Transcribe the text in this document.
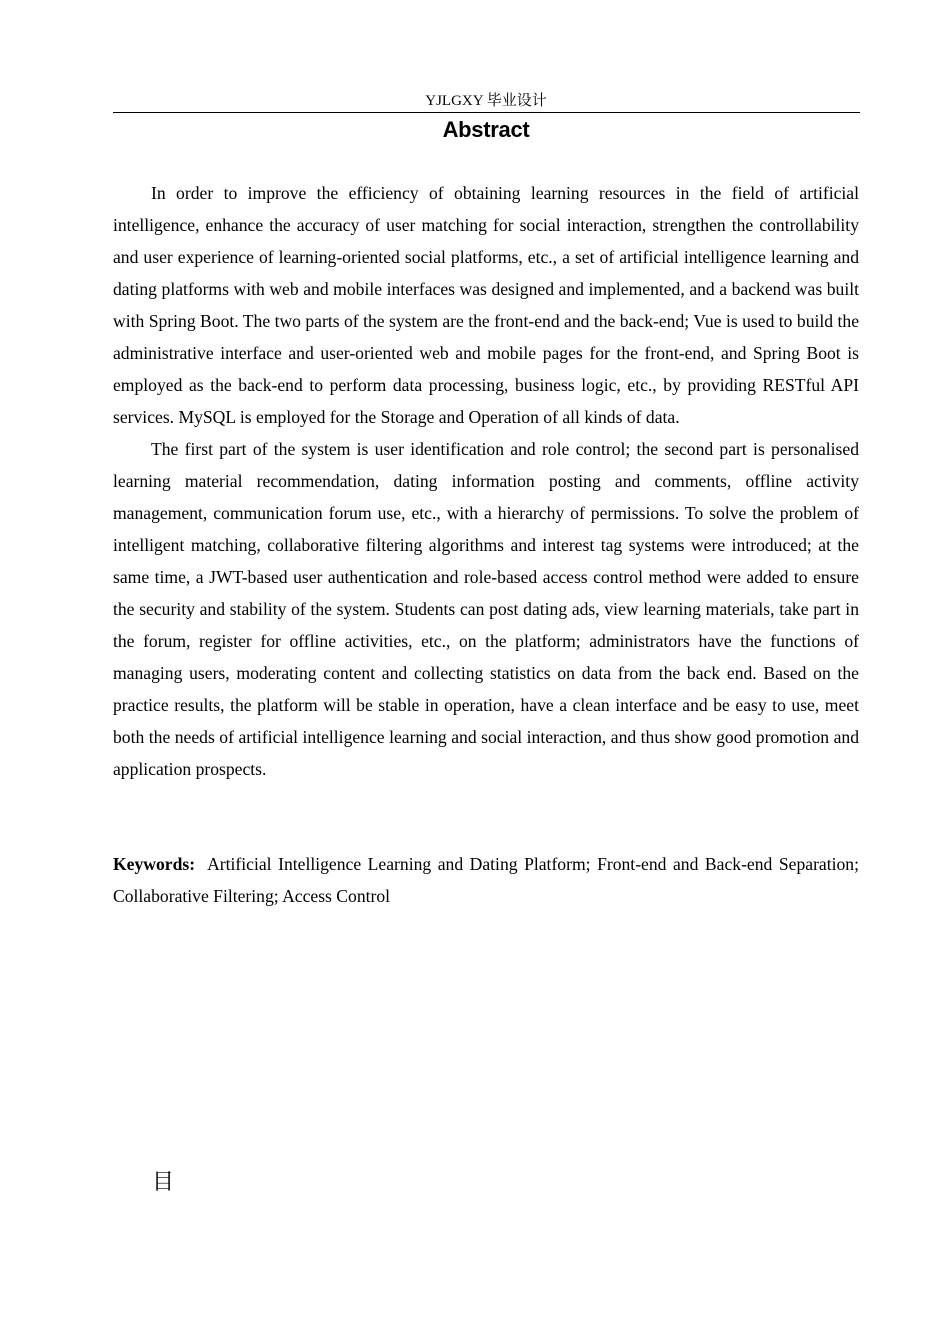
YJLGXY 毕业设计
Abstract

In order to improve the efficiency of obtaining learning resources in the field of artificial intelligence, enhance the accuracy of user matching for social interaction, strengthen the controllability and user experience of learning-oriented social platforms, etc., a set of artificial intelligence learning and dating platforms with web and mobile interfaces was designed and implemented, and a backend was built with Spring Boot. The two parts of the system are the front-end and the back-end; Vue is used to build the administrative interface and user-oriented web and mobile pages for the front-end, and Spring Boot is employed as the back-end to perform data processing, business logic, etc., by providing RESTful API services. MySQL is employed for the Storage and Operation of all kinds of data.

The first part of the system is user identification and role control; the second part is personalised learning material recommendation, dating information posting and comments, offline activity management, communication forum use, etc., with a hierarchy of permissions. To solve the problem of intelligent matching, collaborative filtering algorithms and interest tag systems were introduced; at the same time, a JWT-based user authentication and role-based access control method were added to ensure the security and stability of the system. Students can post dating ads, view learning materials, take part in the forum, register for offline activities, etc., on the platform; administrators have the functions of managing users, moderating content and collecting statistics on data from the back end. Based on the practice results, the platform will be stable in operation, have a clean interface and be easy to use, meet both the needs of artificial intelligence learning and social interaction, and thus show good promotion and application prospects.

Keywords: Artificial Intelligence Learning and Dating Platform; Front-end and Back-end Separation; Collaborative Filtering; Access Control
目
